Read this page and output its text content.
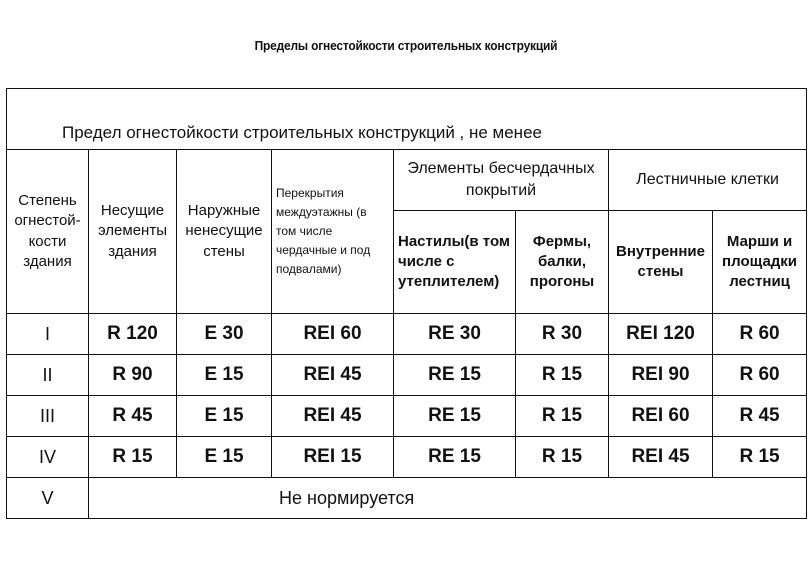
Пределы огнестойкости строительных конструкций
Предел огнестойкости строительных конструкций , не менее							
Степень огнестой-кости здания	Несущие элементы здания	Наружные ненесущие стены	Перекрытия междуэтажны (в том числе чердачные и под подвалами)	Элементы бесчердачных покрытий		Лестничные клетки	
				Настилы(в том числе с утеплителем)	Фермы, балки, прогоны	Внутренние стены	Марши и площадки лестниц
I	R 120	E 30	REI 60	RE 30	R 30	REI 120	R 60
II	R 90	E 15	REI 45	RE 15	R 15	REI 90	R 60
III	R 45	E 15	REI 45	RE 15	R 15	REI 60	R 45
IV	R 15	E 15	REI 15	RE 15	R 15	REI 45	R 15
V	Не нормируется						
